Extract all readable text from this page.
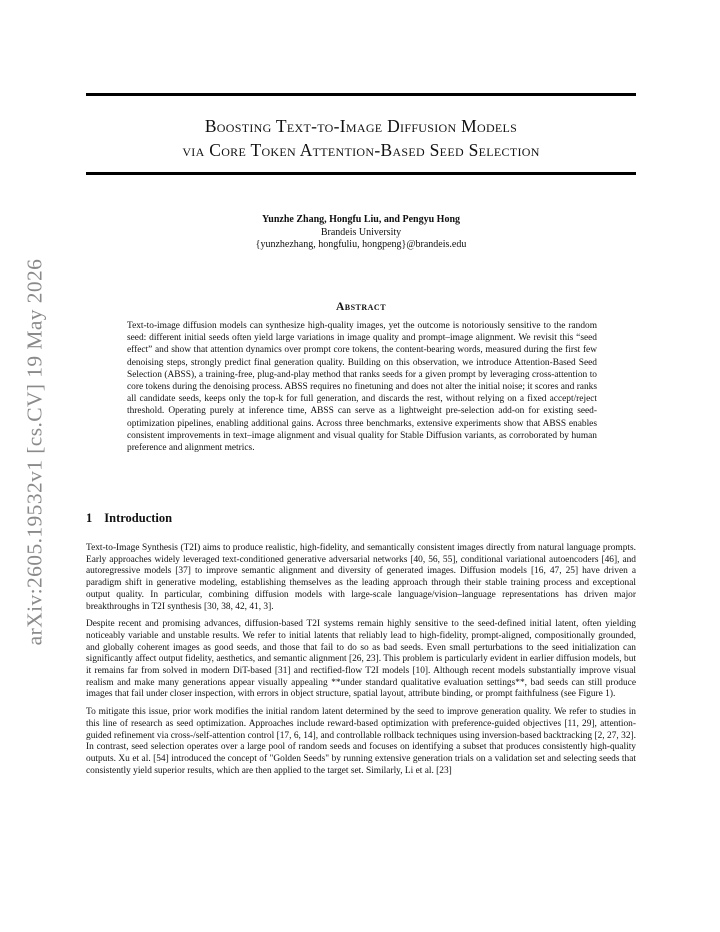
arXiv:2605.19532v1 [cs.CV] 19 May 2026
Boosting Text-to-Image Diffusion Models
via Core Token Attention-Based Seed Selection
Yunzhe Zhang, Hongfu Liu, and Pengyu Hong
Brandeis University
{yunzhezhang, hongfuliu, hongpeng}@brandeis.edu
Abstract
Text-to-image diffusion models can synthesize high-quality images, yet the outcome is notoriously sensitive to the random seed: different initial seeds often yield large variations in image quality and prompt–image alignment. We revisit this “seed effect” and show that attention dynamics over prompt core tokens, the content-bearing words, measured during the first few denoising steps, strongly predict final generation quality. Building on this observation, we introduce Attention-Based Seed Selection (ABSS), a training-free, plug-and-play method that ranks seeds for a given prompt by leveraging cross-attention to core tokens during the denoising process. ABSS requires no finetuning and does not alter the initial noise; it scores and ranks all candidate seeds, keeps only the top-k for full generation, and discards the rest, without relying on a fixed accept/reject threshold. Operating purely at inference time, ABSS can serve as a lightweight pre-selection add-on for existing seed-optimization pipelines, enabling additional gains. Across three benchmarks, extensive experiments show that ABSS enables consistent improvements in text–image alignment and visual quality for Stable Diffusion variants, as corroborated by human preference and alignment metrics.
1 Introduction

Text-to-Image Synthesis (T2I) aims to produce realistic, high-fidelity, and semantically consistent images directly from natural language prompts. Early approaches widely leveraged text-conditioned generative adversarial networks [40, 56, 55], conditional variational autoencoders [46], and autoregressive models [37] to improve semantic alignment and diversity of generated images. Diffusion models [16, 47, 25] have driven a paradigm shift in generative modeling, establishing themselves as the leading approach through their stable training process and exceptional output quality. In particular, combining diffusion models with large-scale language/vision–language representations has driven major breakthroughs in T2I synthesis [30, 38, 42, 41, 3].

Despite recent and promising advances, diffusion-based T2I systems remain highly sensitive to the seed-defined initial latent, often yielding noticeably variable and unstable results. We refer to initial latents that reliably lead to high-fidelity, prompt-aligned, compositionally grounded, and globally coherent images as good seeds, and those that fail to do so as bad seeds. Even small perturbations to the seed initialization can significantly affect output fidelity, aesthetics, and semantic alignment [26, 23]. This problem is particularly evident in earlier diffusion models, but it remains far from solved in modern DiT-based [31] and rectified-flow T2I models [10]. Although recent models substantially improve visual realism and make many generations appear visually appealing **under standard qualitative evaluation settings**, bad seeds can still produce images that fail under closer inspection, with errors in object structure, spatial layout, attribute binding, or prompt faithfulness (see Figure 1).

To mitigate this issue, prior work modifies the initial random latent determined by the seed to improve generation quality. We refer to studies in this line of research as seed optimization. Approaches include reward-based optimization with preference-guided objectives [11, 29], attention-guided refinement via cross-/self-attention control [17, 6, 14], and controllable rollback techniques using inversion-based backtracking [2, 27, 32]. In contrast, seed selection operates over a large pool of random seeds and focuses on identifying a subset that produces consistently high-quality outputs. Xu et al. [54] introduced the concept of "Golden Seeds" by running extensive generation trials on a validation set and selecting seeds that consistently yield superior results, which are then applied to the target set. Similarly, Li et al. [23]
